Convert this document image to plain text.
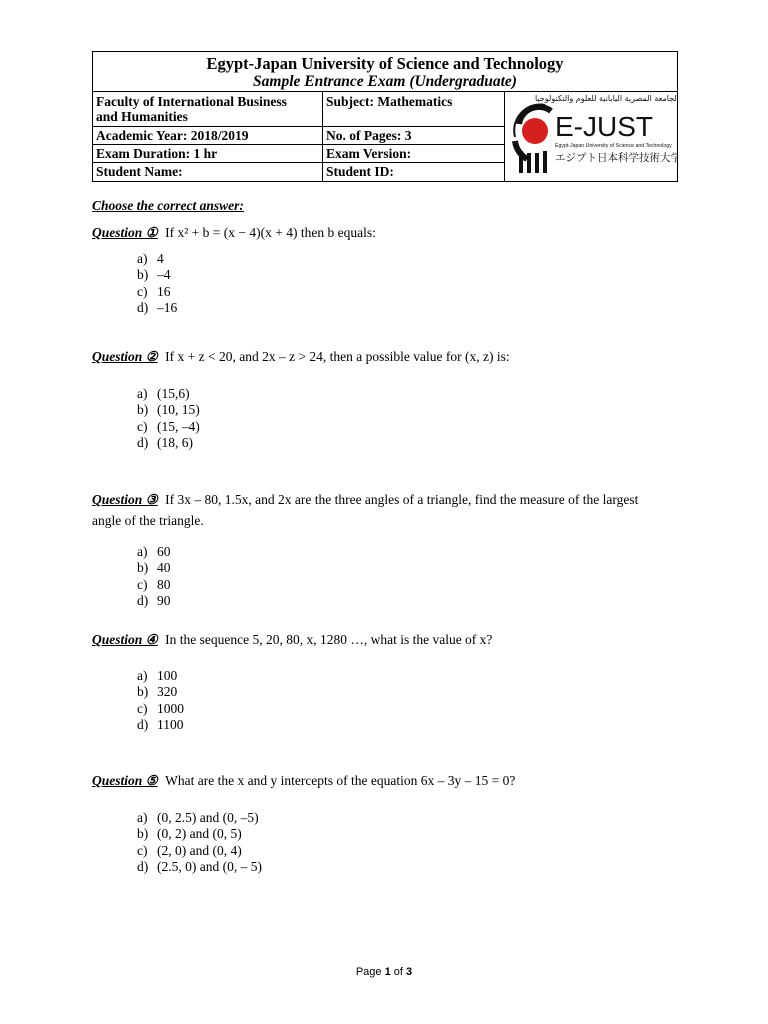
Egypt-Japan University of Science and Technology
Sample Entrance Exam (Undergraduate)
Faculty of International Business
and Humanities
Subject: Mathematics
Academic Year: 2018/2019	No. of Pages: 3
Exam Duration: 1 hr	Exam Version:
Student Name:	Student ID:
الجامعة المصرية اليابانية للعلوم والتكنولوجيا
E-JUST
Egypt-Japan University of Science and Technology
エジプト日本科学技術大学
Choose the correct answer:
Question ① If x² + b = (x − 4)(x + 4) then b equals:
a) 4
b) –4
c) 16
d) –16
Question ② If x + z < 20, and 2x – z > 24, then a possible value for (x, z) is:
a) (15,6)
b) (10, 15)
c) (15, –4)
d) (18, 6)
Question ③ If 3x – 80, 1.5x, and 2x are the three angles of a triangle, find the measure of the largest
angle of the triangle.
a) 60
b) 40
c) 80
d) 90
Question ④ In the sequence 5, 20, 80, x, 1280 …, what is the value of x?
a) 100
b) 320
c) 1000
d) 1100
Question ⑤ What are the x and y intercepts of the equation 6x – 3y – 15 = 0?
a) (0, 2.5) and (0, –5)
b) (0, 2) and (0, 5)
c) (2, 0) and (0, 4)
d) (2.5, 0) and (0, – 5)
Page 1 of 3
